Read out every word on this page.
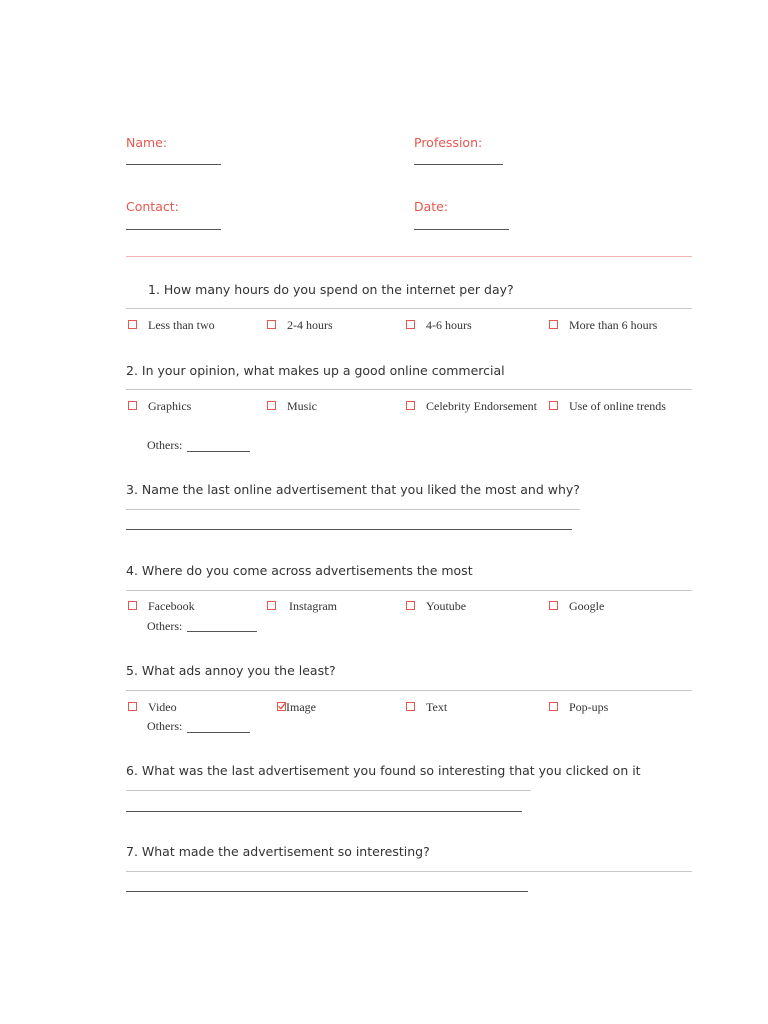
Name:	Profession:
Contact:	Date:
1. How many hours do you spend on the internet per day?
Less than two	2-4 hours	4-6 hours	More than 6 hours
2. In your opinion, what makes up a good online commercial
Graphics	Music	Celebrity Endorsement	Use of online trends
Others:
3. Name the last online advertisement that you liked the most and why?
4. Where do you come across advertisements the most
Facebook	Instagram	Youtube	Google
Others:
5. What ads annoy you the least?
Video	Image	Text	Pop-ups
Others:
6. What was the last advertisement you found so interesting that you clicked on it
7. What made the advertisement so interesting?
